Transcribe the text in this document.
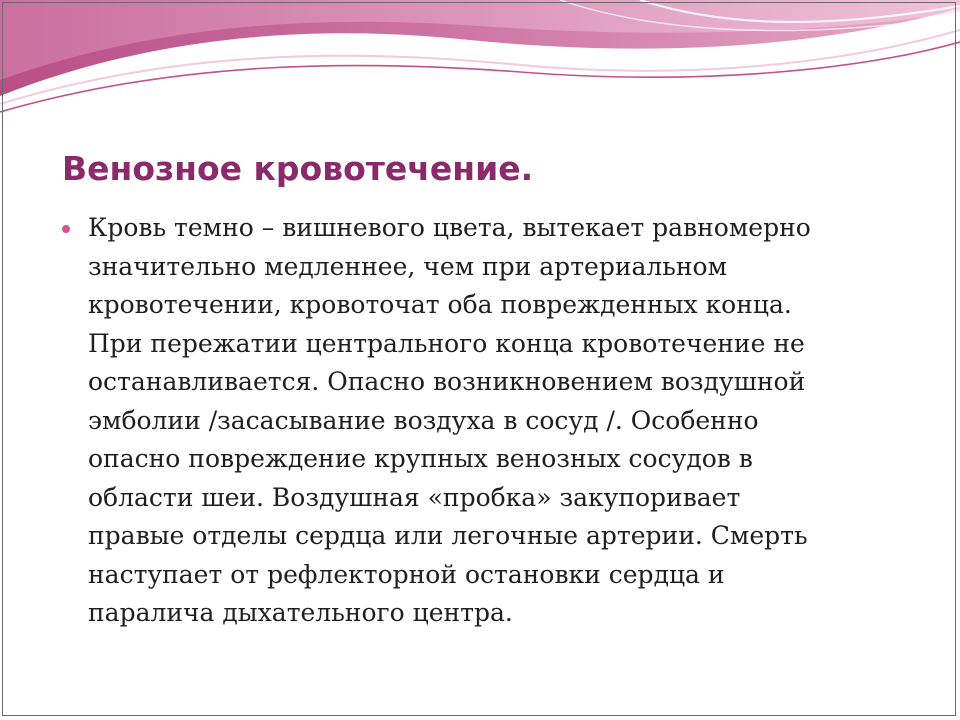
Венозное кровотечение.
Кровь темно – вишневого цвета, вытекает равномерно
значительно медленнее, чем при артериальном
кровотечении, кровоточат оба поврежденных конца.
При пережатии центрального конца кровотечение не
останавливается. Опасно возникновением воздушной
эмболии /засасывание воздуха в сосуд /. Особенно
опасно повреждение крупных венозных сосудов в
области шеи. Воздушная «пробка» закупоривает
правые отделы сердца или легочные артерии. Смерть
наступает от рефлекторной остановки сердца и
паралича дыхательного центра.
